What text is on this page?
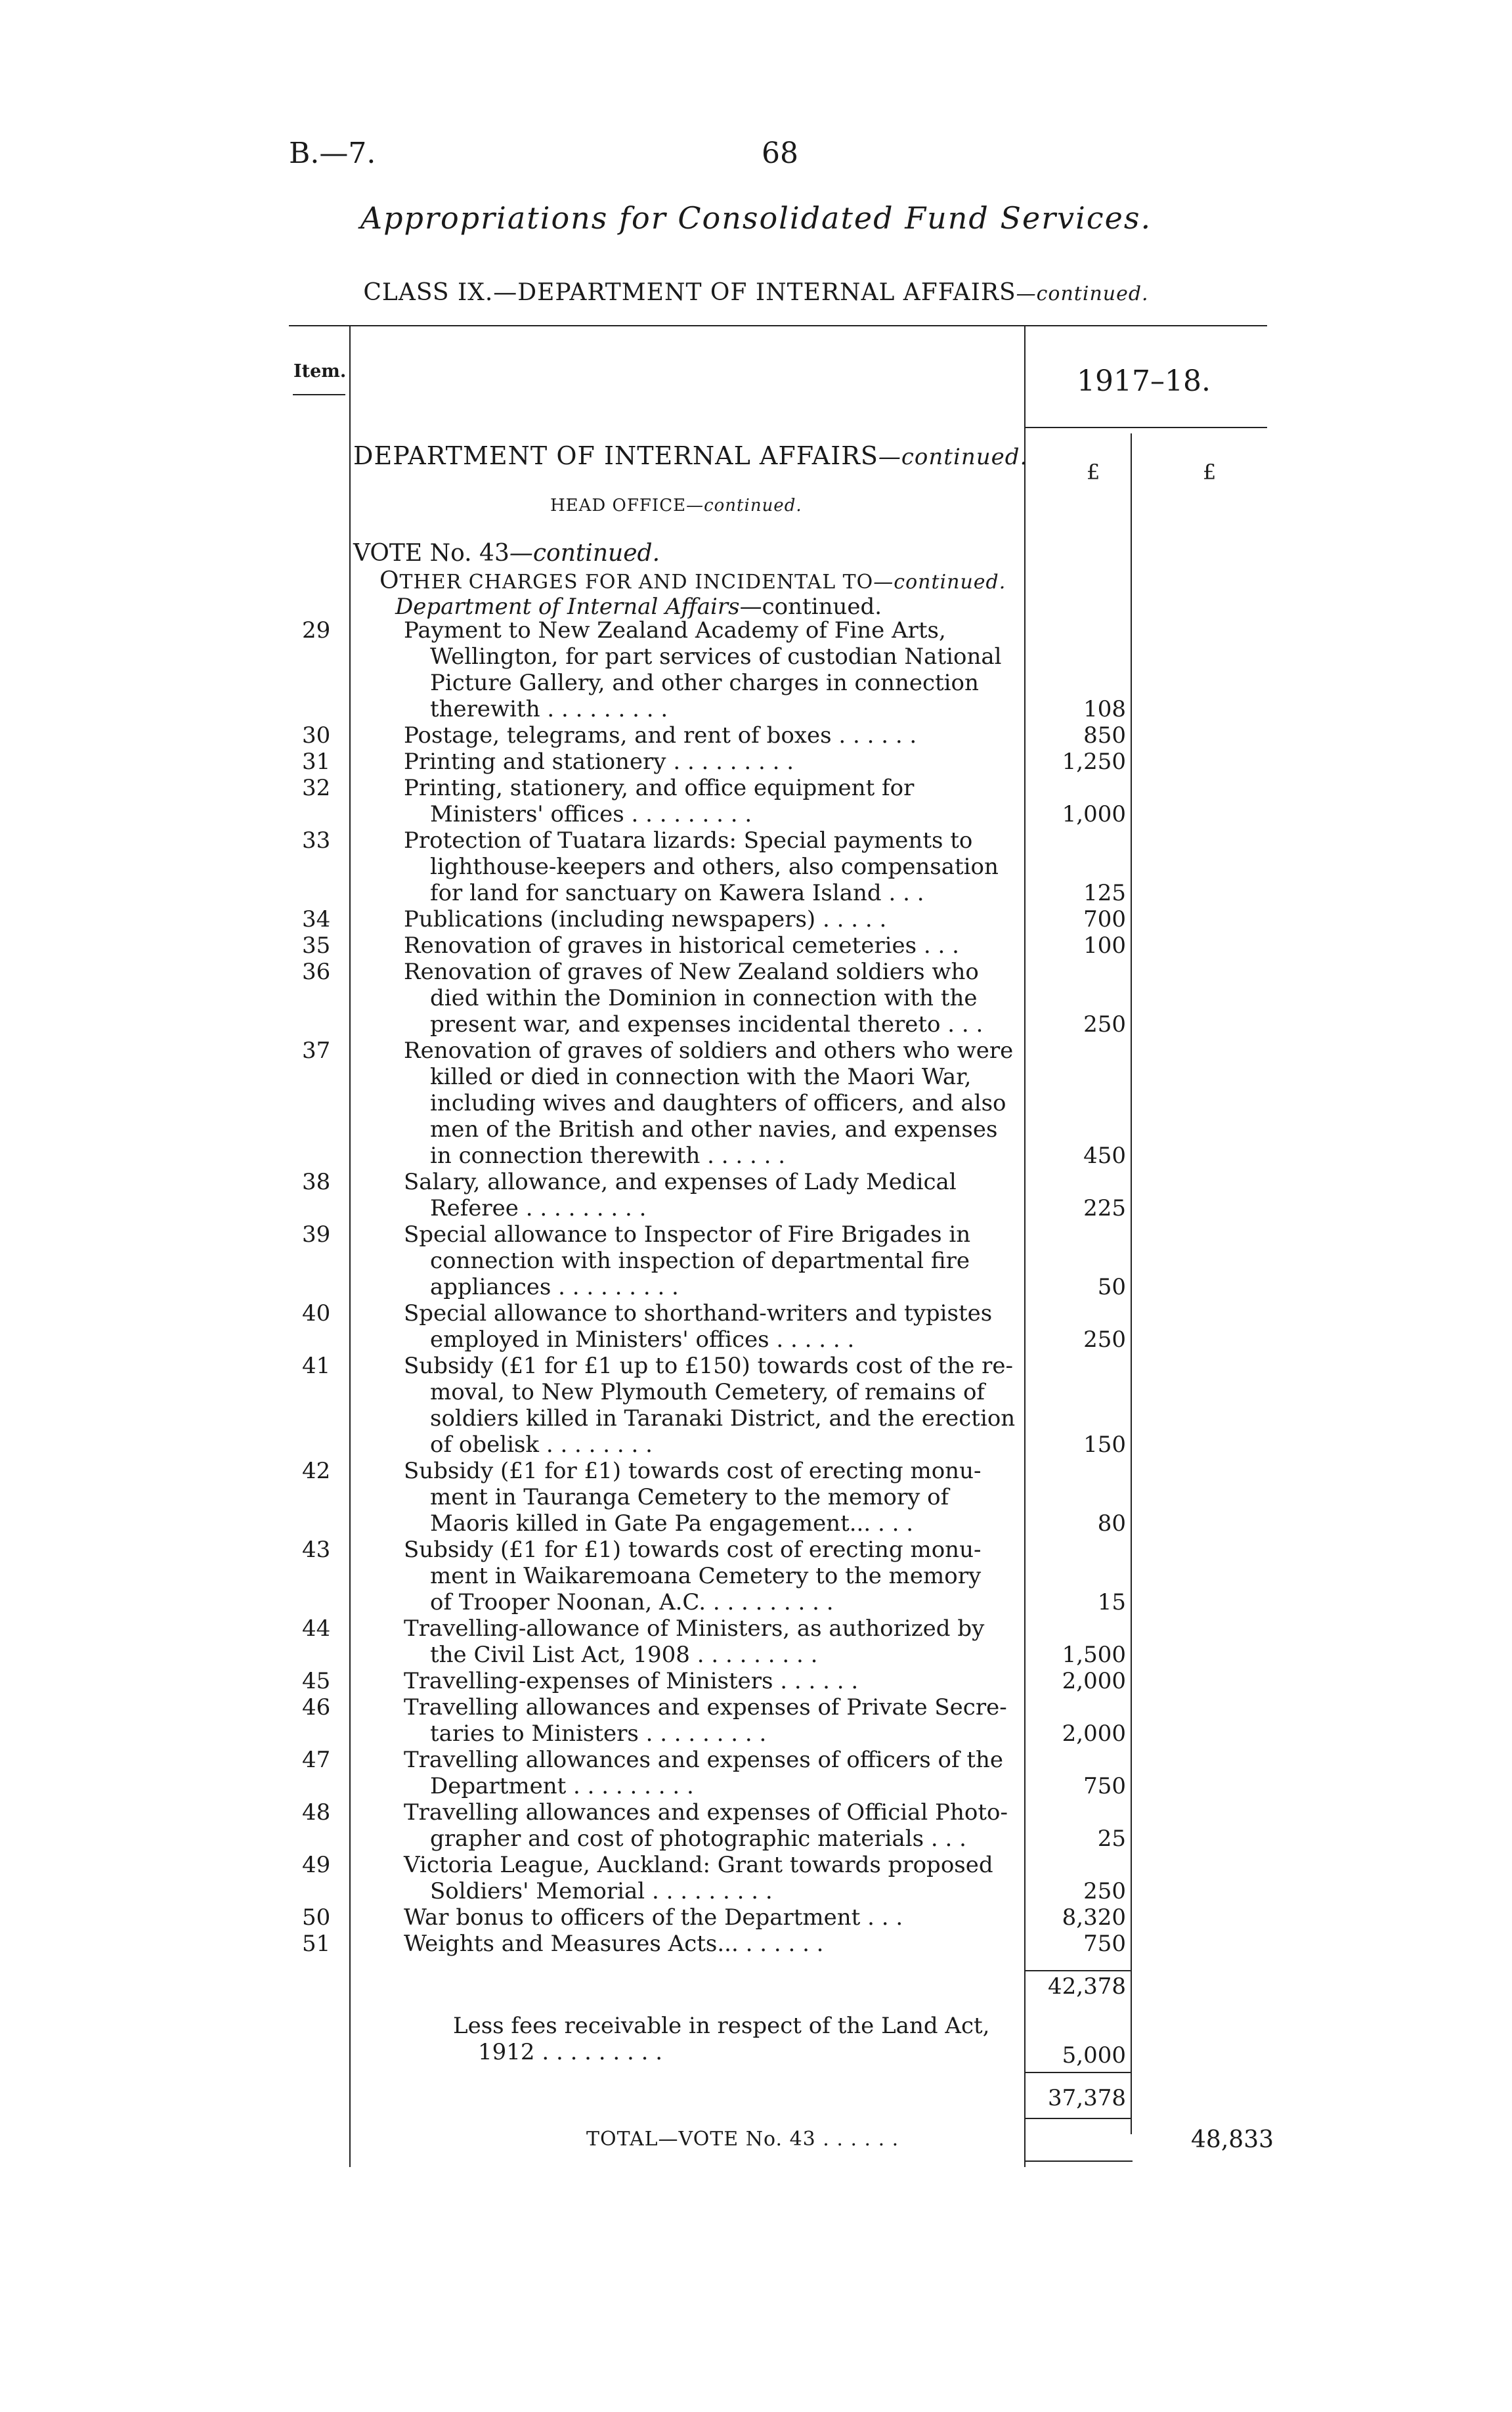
B.—7.	68
Appropriations for Consolidated Fund Services.
CLASS IX.—DEPARTMENT OF INTERNAL AFFAIRS—continued.
Item.	1917–18.
DEPARTMENT OF INTERNAL AFFAIRS—continued.
£	£
HEAD OFFICE—continued.
VOTE No. 43—continued.
OTHER CHARGES FOR AND INCIDENTAL TO—continued.
Department of Internal Affairs—continued.
29	Payment to New Zealand Academy of Fine Arts,
Wellington, for part services of custodian National
Picture Gallery, and other charges in connection
therewith . . . . . . . . .	108
30	Postage, telegrams, and rent of boxes . . . . . .	850
31	Printing and stationery . . . . . . . . .	1,250
32	Printing, stationery, and office equipment for
Ministers' offices . . . . . . . . .	1,000
33	Protection of Tuatara lizards: Special payments to
lighthouse-keepers and others, also compensation
for land for sanctuary on Kawera Island . . .	125
34	Publications (including newspapers) . . . . .	700
35	Renovation of graves in historical cemeteries . . .	100
36	Renovation of graves of New Zealand soldiers who
died within the Dominion in connection with the
present war, and expenses incidental thereto . . .	250
37	Renovation of graves of soldiers and others who were
killed or died in connection with the Maori War,
including wives and daughters of officers, and also
men of the British and other navies, and expenses
in connection therewith . . . . . .	450
38	Salary, allowance, and expenses of Lady Medical
Referee . . . . . . . . .	225
39	Special allowance to Inspector of Fire Brigades in
connection with inspection of departmental fire
appliances . . . . . . . . .	50
40	Special allowance to shorthand-writers and typistes
employed in Ministers' offices . . . . . .	250
41	Subsidy (£1 for £1 up to £150) towards cost of the re-
moval, to New Plymouth Cemetery, of remains of
soldiers killed in Taranaki District, and the erection
of obelisk . . . . . . . .	150
42	Subsidy (£1 for £1) towards cost of erecting monu-
ment in Tauranga Cemetery to the memory of
Maoris killed in Gate Pa engagement... . . .	80
43	Subsidy (£1 for £1) towards cost of erecting monu-
ment in Waikaremoana Cemetery to the memory
of Trooper Noonan, A.C. . . . . . . . . .	15
44	Travelling-allowance of Ministers, as authorized by
the Civil List Act, 1908 . . . . . . . . .	1,500
45	Travelling-expenses of Ministers . . . . . .	2,000
46	Travelling allowances and expenses of Private Secre-
taries to Ministers . . . . . . . . .	2,000
47	Travelling allowances and expenses of officers of the
Department . . . . . . . . .	750
48	Travelling allowances and expenses of Official Photo-
grapher and cost of photographic materials . . .	25
49	Victoria League, Auckland: Grant towards proposed
Soldiers' Memorial . . . . . . . . .	250
50	War bonus to officers of the Department . . .	8,320
51	Weights and Measures Acts... . . . . . .	750
42,378
Less fees receivable in respect of the Land Act,
1912 . . . . . . . . .	5,000
37,378
TOTAL—VOTE No. 43 . . . . . .	48,833
